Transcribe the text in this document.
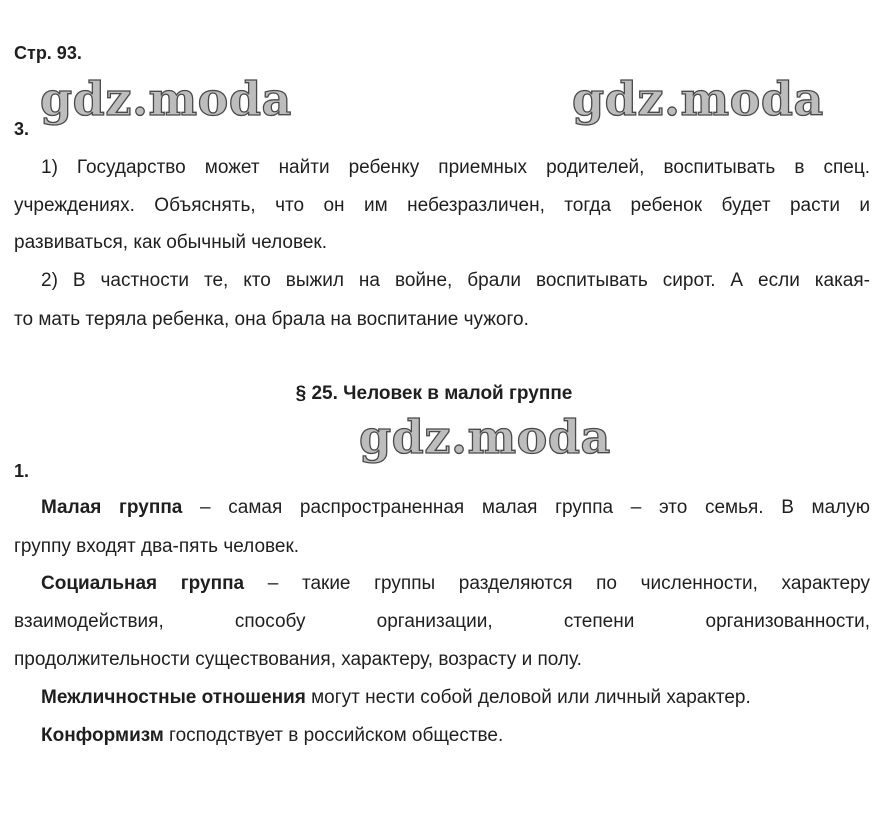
gdz.moda	gdz.moda
gdz.moda
Стр. 93.
3.
1) Государство может найти ребенку приемных родителей, воспитывать в спец.
учреждениях. Объяснять, что он им небезразличен, тогда ребенок будет расти и
развиваться, как обычный человек.
2) В частности те, кто выжил на войне, брали воспитывать сирот. А если какая-
то мать теряла ребенка, она брала на воспитание чужого.
§ 25. Человек в малой группе
1.
Малая группа – самая распространенная малая группа – это семья. В малую
группу входят два-пять человек.
Социальная группа – такие группы разделяются по численности, характеру
взаимодействия, способу организации, степени организованности,
продолжительности существования, характеру, возрасту и полу.
Межличностные отношения могут нести собой деловой или личный характер.
Конформизм господствует в российском обществе.
